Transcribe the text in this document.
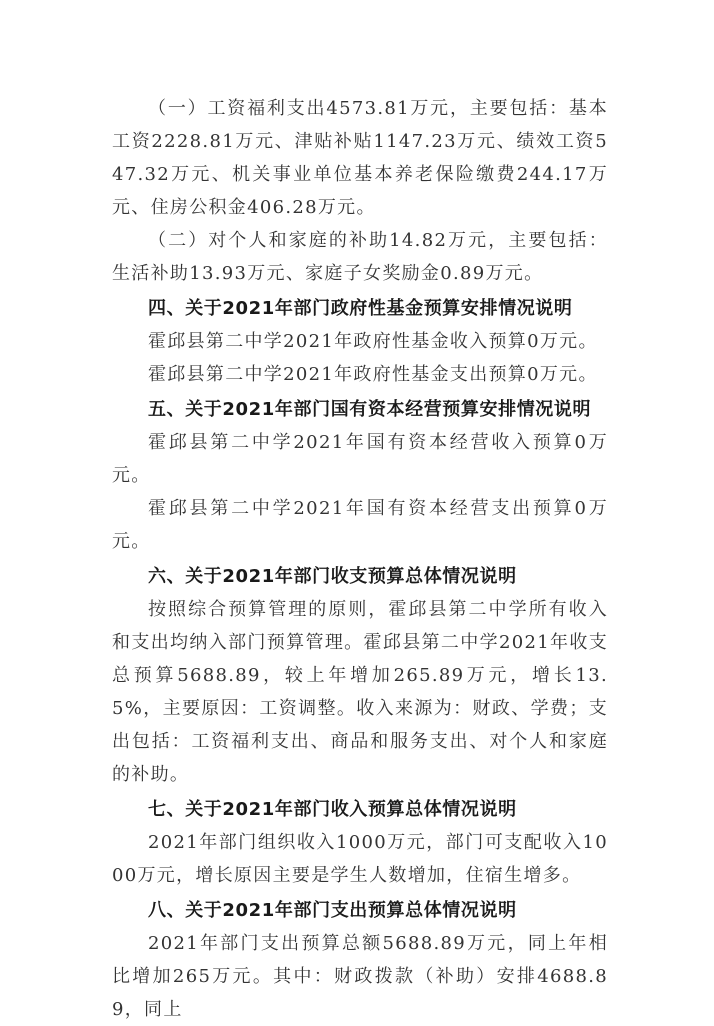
（一）工资福利支出4573.81万元，主要包括：基本工资2228.81万元、津贴补贴1147.23万元、绩效工资547.32万元、机关事业单位基本养老保险缴费244.17万元、住房公积金406.28万元。

（二）对个人和家庭的补助14.82万元，主要包括：生活补助13.93万元、家庭子女奖励金0.89万元。

四、关于2021年部门政府性基金预算安排情况说明

霍邱县第二中学2021年政府性基金收入预算0万元。

霍邱县第二中学2021年政府性基金支出预算0万元。

五、关于2021年部门国有资本经营预算安排情况说明

霍邱县第二中学2021年国有资本经营收入预算0万元。

霍邱县第二中学2021年国有资本经营支出预算0万元。

六、关于2021年部门收支预算总体情况说明

按照综合预算管理的原则，霍邱县第二中学所有收入和支出均纳入部门预算管理。霍邱县第二中学2021年收支总预算5688.89，较上年增加265.89万元，增长13.5%，主要原因：工资调整。收入来源为：财政、学费；支出包括：工资福利支出、商品和服务支出、对个人和家庭的补助。

七、关于2021年部门收入预算总体情况说明

2021年部门组织收入1000万元，部门可支配收入1000万元，增长原因主要是学生人数增加，住宿生增多。

八、关于2021年部门支出预算总体情况说明

2021年部门支出预算总额5688.89万元，同上年相比增加265万元。其中：财政拨款（补助）安排4688.89，同上
